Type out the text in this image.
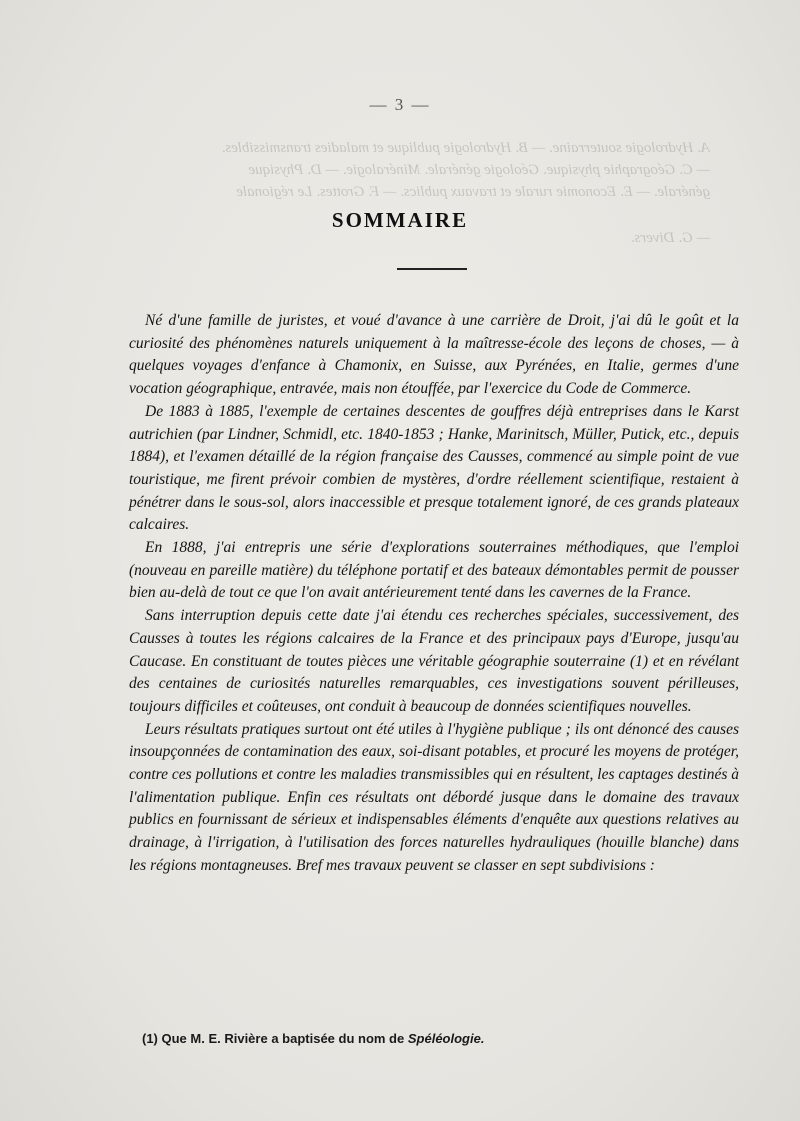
A. Hydrologie souterraine. — B. Hydrologie publique et maladies transmissibles.
— C. Géographie physique. Géologie générale. Minéralogie. — D. Physique
générale. — E. Economie rurale et travaux publics. — F. Grottes. Le régionale
— G. Divers.
— 3 —
SOMMAIRE

Né d'une famille de juristes, et voué d'avance à une carrière de Droit, j'ai dû le goût et la curiosité des phénomènes naturels uniquement à la maîtresse-école des leçons de choses, — à quelques voyages d'enfance à Chamonix, en Suisse, aux Pyrénées, en Italie, germes d'une vocation géographique, entravée, mais non étouffée, par l'exercice du Code de Commerce.

De 1883 à 1885, l'exemple de certaines descentes de gouffres déjà entreprises dans le Karst autrichien (par Lindner, Schmidl, etc. 1840-1853 ; Hanke, Marinitsch, Müller, Putick, etc., depuis 1884), et l'examen détaillé de la région française des Causses, commencé au simple point de vue touristique, me firent prévoir combien de mystères, d'ordre réellement scientifique, restaient à pénétrer dans le sous-sol, alors inaccessible et presque totalement ignoré, de ces grands plateaux calcaires.

En 1888, j'ai entrepris une série d'explorations souterraines méthodiques, que l'emploi (nouveau en pareille matière) du téléphone portatif et des bateaux démontables permit de pousser bien au-delà de tout ce que l'on avait antérieurement tenté dans les cavernes de la France.

Sans interruption depuis cette date j'ai étendu ces recherches spéciales, successivement, des Causses à toutes les régions calcaires de la France et des principaux pays d'Europe, jusqu'au Caucase. En constituant de toutes pièces une véritable géographie souterraine (1) et en révélant des centaines de curiosités naturelles remarquables, ces investigations souvent périlleuses, toujours difficiles et coûteuses, ont conduit à beaucoup de données scientifiques nouvelles.

Leurs résultats pratiques surtout ont été utiles à l'hygiène publique ; ils ont dénoncé des causes insoupçonnées de contamination des eaux, soi-disant potables, et procuré les moyens de protéger, contre ces pollutions et contre les maladies transmissibles qui en résultent, les captages destinés à l'alimentation publique. Enfin ces résultats ont débordé jusque dans le domaine des travaux publics en fournissant de sérieux et indispensables éléments d'enquête aux questions relatives au drainage, à l'irrigation, à l'utilisation des forces naturelles hydrauliques (houille blanche) dans les régions montagneuses. Bref mes travaux peuvent se classer en sept subdivisions :

(1) Que M. E. Rivière a baptisée du nom de Spéléologie.
